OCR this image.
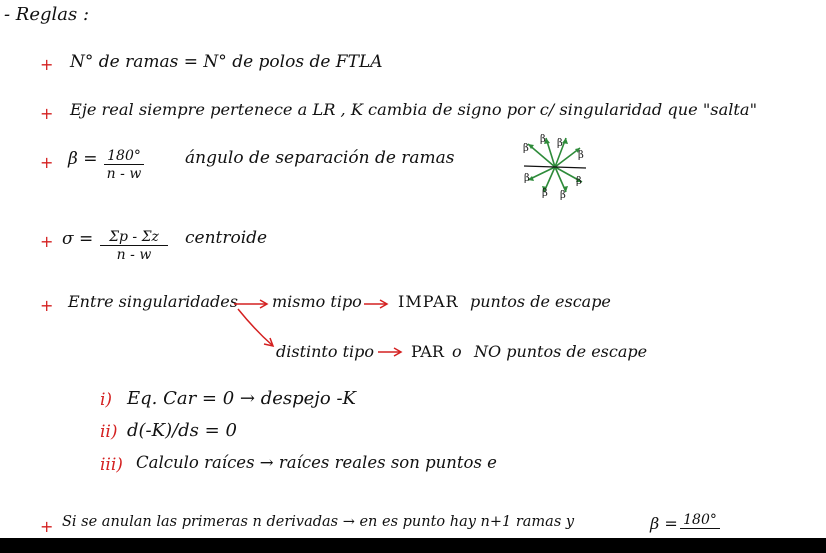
- Reglas :
+ N° de ramas = N° de polos de FTLA
+ Eje real siempre pertenece a LR , K cambia de signo por c/ singularidad que "salta"
+ $\beta = \frac{180^\circ}{n - w}$ ángulo de separación de ramas	β
β β
β
β
β β
β
+ $\sigma = \frac{\Sigma p - \Sigma z}{n - w}$ centroide
+ Entre singularidades mismo tipo IMPAR puntos de escape
distinto tipo PAR o NO puntos de escape
i) Eq. Car = 0 → despejo -K
ii) d(-K)/ds = 0
iii) Calculo raíces → raíces reales son puntos e
+ Si se anulan las primeras n derivadas → en es punto hay n+1 ramas y	β = 180°
